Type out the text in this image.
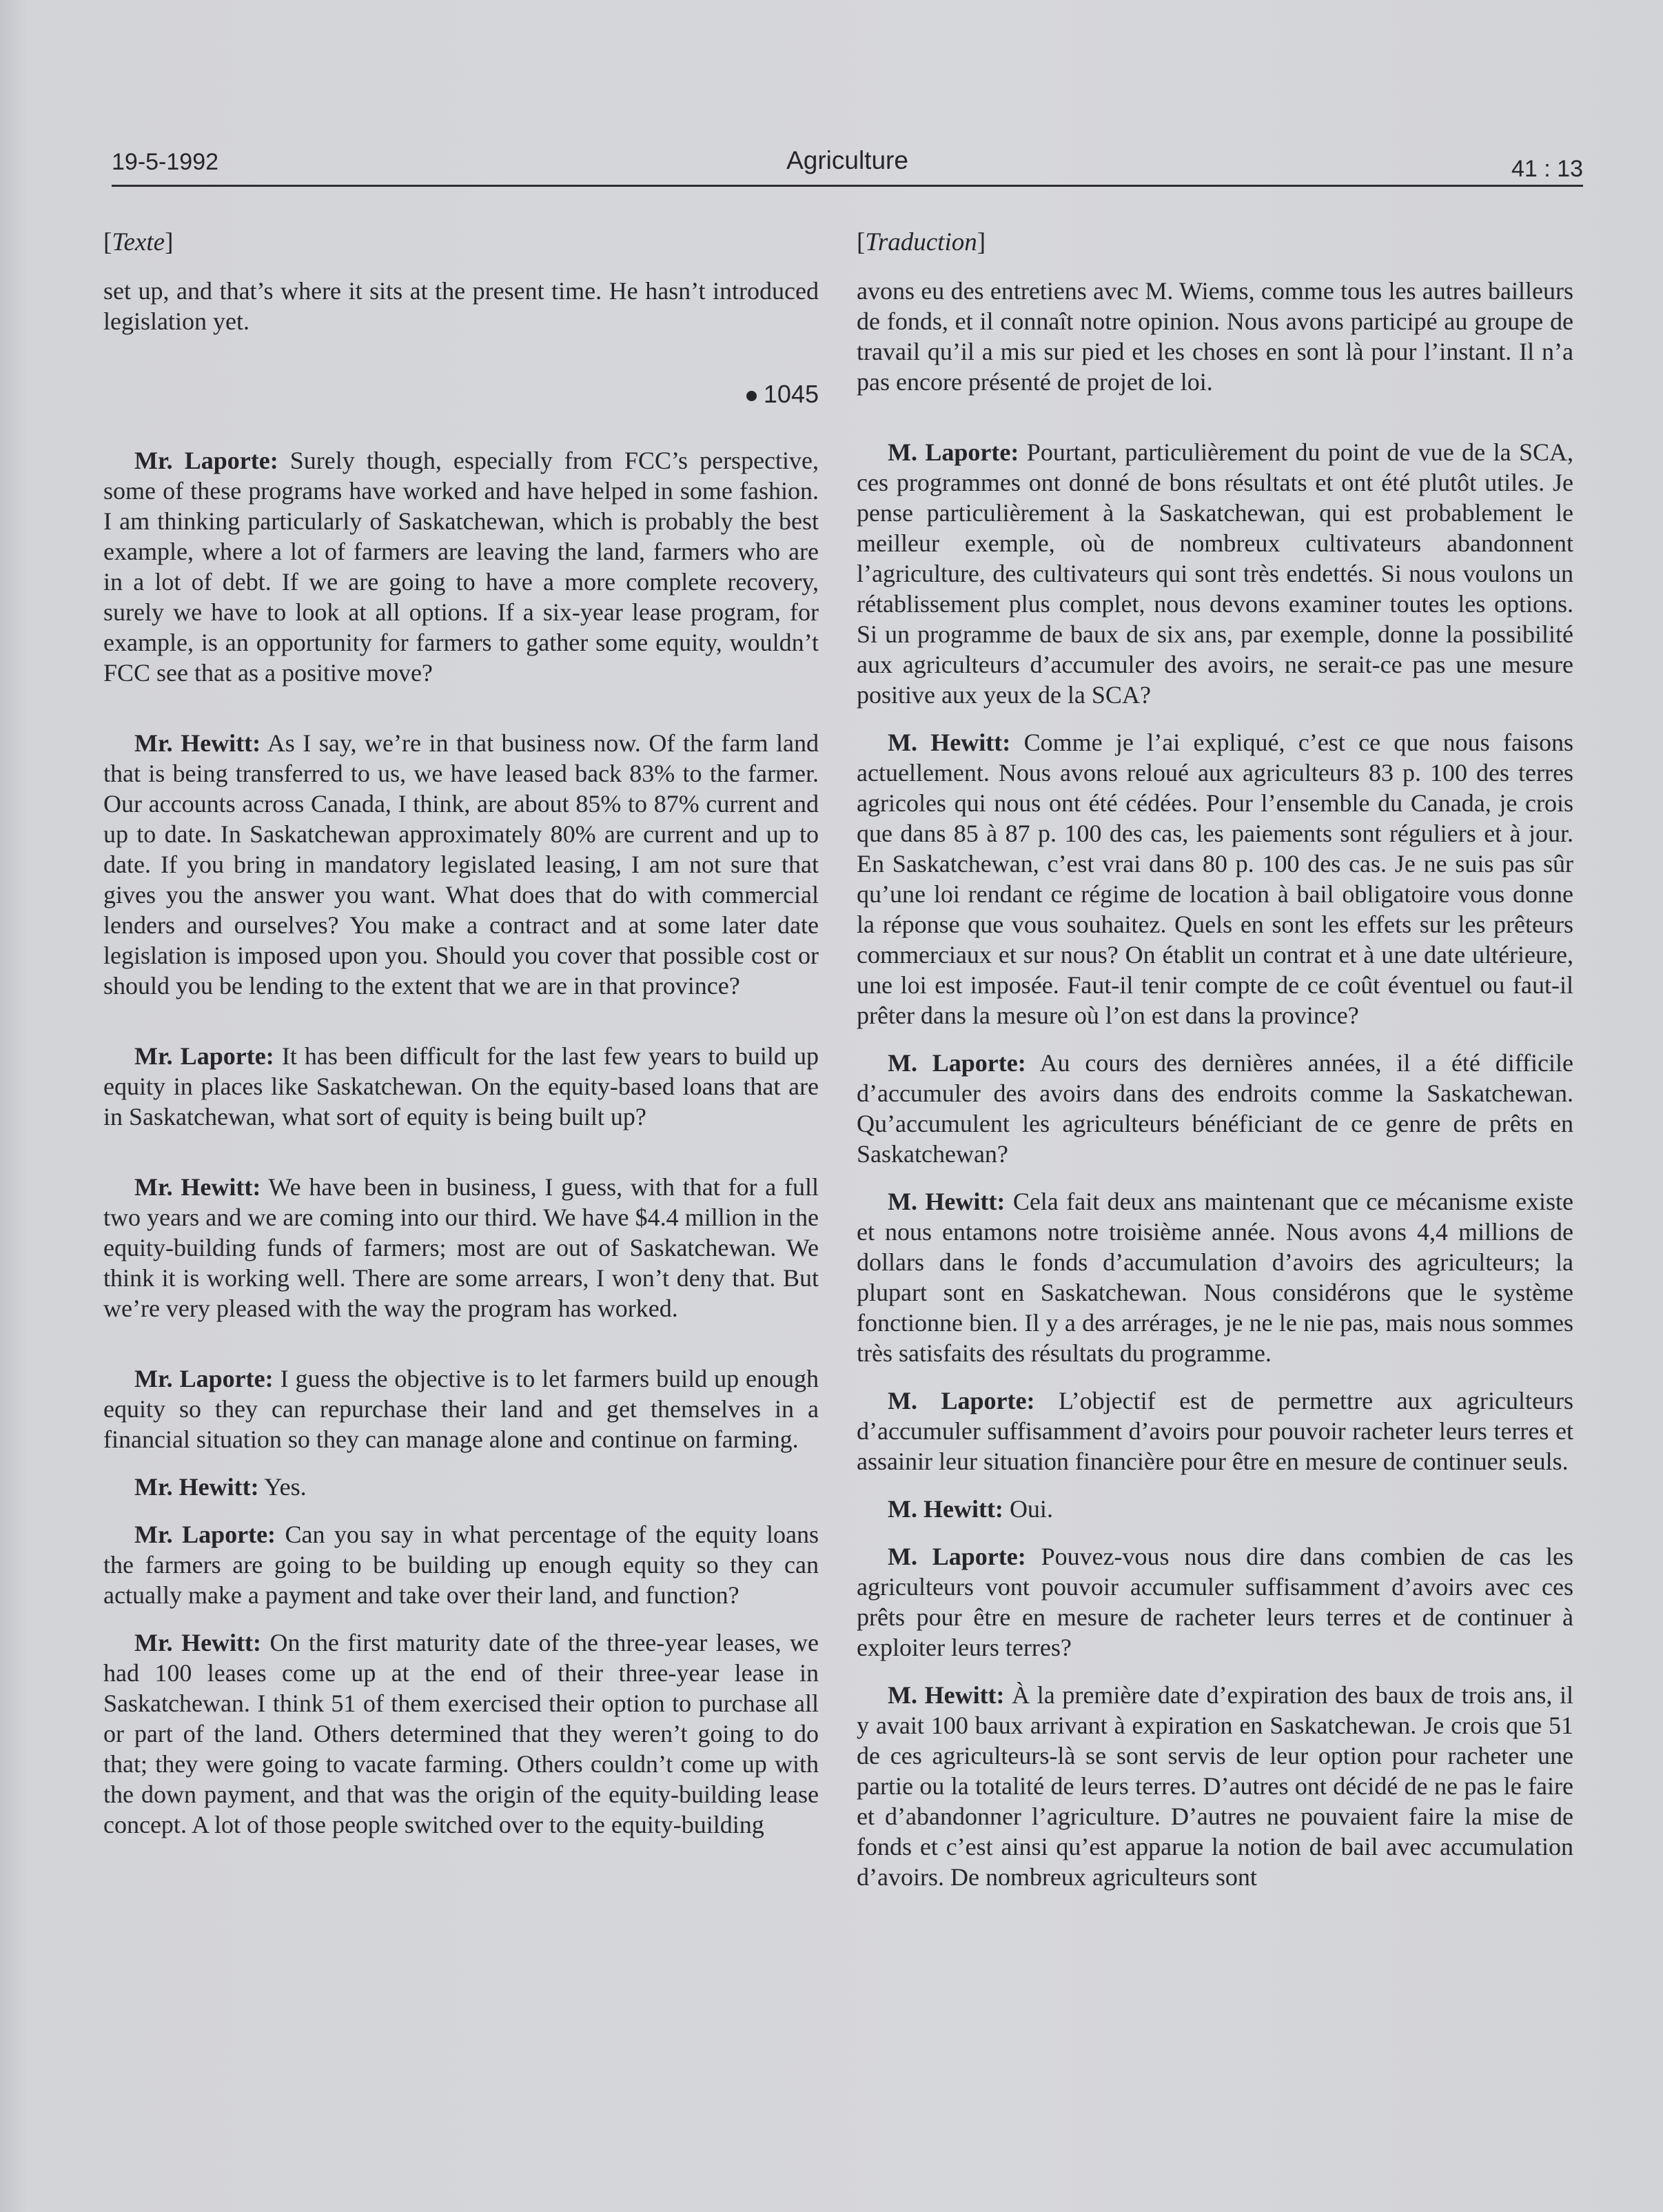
19-5-1992	Agriculture	41 : 13
[Texte]

set up, and that’s where it sits at the present time. He hasn’t introduced legislation yet.

1045

Mr. Laporte: Surely though, especially from FCC’s perspective, some of these programs have worked and have helped in some fashion. I am thinking particularly of Saskatchewan, which is probably the best example, where a lot of farmers are leaving the land, farmers who are in a lot of debt. If we are going to have a more complete recovery, surely we have to look at all options. If a six-year lease program, for example, is an opportunity for farmers to gather some equity, wouldn’t FCC see that as a positive move?

Mr. Hewitt: As I say, we’re in that business now. Of the farm land that is being transferred to us, we have leased back 83% to the farmer. Our accounts across Canada, I think, are about 85% to 87% current and up to date. In Saskatchewan approximately 80% are current and up to date. If you bring in mandatory legislated leasing, I am not sure that gives you the answer you want. What does that do with commercial lenders and ourselves? You make a contract and at some later date legislation is imposed upon you. Should you cover that possible cost or should you be lending to the extent that we are in that province?

Mr. Laporte: It has been difficult for the last few years to build up equity in places like Saskatchewan. On the equity-based loans that are in Saskatchewan, what sort of equity is being built up?

Mr. Hewitt: We have been in business, I guess, with that for a full two years and we are coming into our third. We have $4.4 million in the equity-building funds of farmers; most are out of Saskatchewan. We think it is working well. There are some arrears, I won’t deny that. But we’re very pleased with the way the program has worked.

Mr. Laporte: I guess the objective is to let farmers build up enough equity so they can repurchase their land and get themselves in a financial situation so they can manage alone and continue on farming.

Mr. Hewitt: Yes.

Mr. Laporte: Can you say in what percentage of the equity loans the farmers are going to be building up enough equity so they can actually make a payment and take over their land, and function?

Mr. Hewitt: On the first maturity date of the three-year leases, we had 100 leases come up at the end of their three-year lease in Saskatchewan. I think 51 of them exercised their option to purchase all or part of the land. Others determined that they weren’t going to do that; they were going to vacate farming. Others couldn’t come up with the down payment, and that was the origin of the equity-building lease concept. A lot of those people switched over to the equity-building

[Traduction]

avons eu des entretiens avec M. Wiems, comme tous les autres bailleurs de fonds, et il connaît notre opinion. Nous avons participé au groupe de travail qu’il a mis sur pied et les choses en sont là pour l’instant. Il n’a pas encore présenté de projet de loi.

M. Laporte: Pourtant, particulièrement du point de vue de la SCA, ces programmes ont donné de bons résultats et ont été plutôt utiles. Je pense particulièrement à la Saskatchewan, qui est probablement le meilleur exemple, où de nombreux cultivateurs abandonnent l’agriculture, des cultivateurs qui sont très endettés. Si nous voulons un rétablissement plus complet, nous devons examiner toutes les options. Si un programme de baux de six ans, par exemple, donne la possibilité aux agriculteurs d’accumuler des avoirs, ne serait-ce pas une mesure positive aux yeux de la SCA?

M. Hewitt: Comme je l’ai expliqué, c’est ce que nous faisons actuellement. Nous avons reloué aux agriculteurs 83 p. 100 des terres agricoles qui nous ont été cédées. Pour l’ensemble du Canada, je crois que dans 85 à 87 p. 100 des cas, les paiements sont réguliers et à jour. En Saskatchewan, c’est vrai dans 80 p. 100 des cas. Je ne suis pas sûr qu’une loi rendant ce régime de location à bail obligatoire vous donne la réponse que vous souhaitez. Quels en sont les effets sur les prêteurs commerciaux et sur nous? On établit un contrat et à une date ultérieure, une loi est imposée. Faut-il tenir compte de ce coût éventuel ou faut-il prêter dans la mesure où l’on est dans la province?

M. Laporte: Au cours des dernières années, il a été difficile d’accumuler des avoirs dans des endroits comme la Saskatchewan. Qu’accumulent les agriculteurs bénéficiant de ce genre de prêts en Saskatchewan?

M. Hewitt: Cela fait deux ans maintenant que ce mécanisme existe et nous entamons notre troisième année. Nous avons 4,4 millions de dollars dans le fonds d’accumulation d’avoirs des agriculteurs; la plupart sont en Saskatchewan. Nous considérons que le système fonctionne bien. Il y a des arrérages, je ne le nie pas, mais nous sommes très satisfaits des résultats du programme.

M. Laporte: L’objectif est de permettre aux agriculteurs d’accumuler suffisamment d’avoirs pour pouvoir racheter leurs terres et assainir leur situation financière pour être en mesure de continuer seuls.

M. Hewitt: Oui.

M. Laporte: Pouvez-vous nous dire dans combien de cas les agriculteurs vont pouvoir accumuler suffisamment d’avoirs avec ces prêts pour être en mesure de racheter leurs terres et de continuer à exploiter leurs terres?

M. Hewitt: À la première date d’expiration des baux de trois ans, il y avait 100 baux arrivant à expiration en Saskatchewan. Je crois que 51 de ces agriculteurs-là se sont servis de leur option pour racheter une partie ou la totalité de leurs terres. D’autres ont décidé de ne pas le faire et d’abandonner l’agriculture. D’autres ne pouvaient faire la mise de fonds et c’est ainsi qu’est apparue la notion de bail avec accumulation d’avoirs. De nombreux agriculteurs sont
